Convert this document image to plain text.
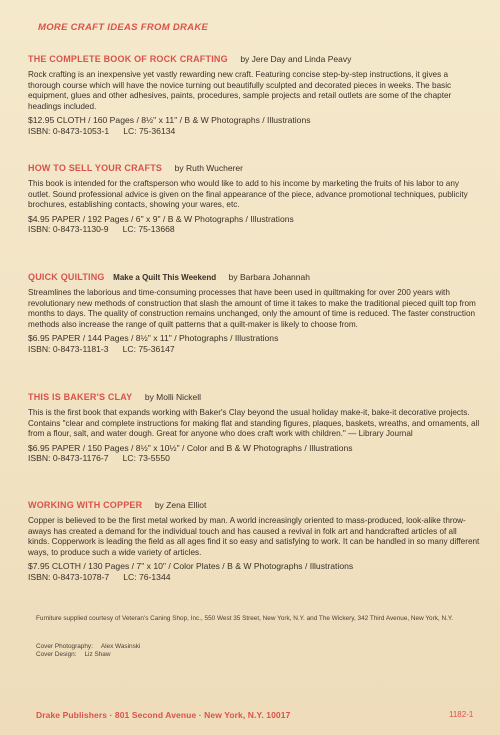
MORE CRAFT IDEAS FROM DRAKE
THE COMPLETE BOOK OF ROCK CRAFTING by Jere Day and Linda Peavy
Rock crafting is an inexpensive yet vastly rewarding new craft. Featuring concise step-by-step instructions, it gives a thorough course which will have the novice turning out beautifully sculpted and decorated pieces in weeks. The basic equipment, glues and other adhesives, paints, procedures, sample projects and retail outlets are some of the chapter headings included.
$12.95 CLOTH / 160 Pages / 8½" x 11" / B & W Photographs / Illustrations
ISBN: 0-8473-1053-1 LC: 75-36134
HOW TO SELL YOUR CRAFTS by Ruth Wucherer
This book is intended for the craftsperson who would like to add to his income by marketing the fruits of his labor to any outlet. Sound professional advice is given on the final appearance of the piece, advance promotional techniques, publicity brochures, establishing contacts, showing your wares, etc.
$4.95 PAPER / 192 Pages / 6" x 9" / B & W Photographs / Illustrations
ISBN: 0-8473-1130-9 LC: 75-13668
QUICK QUILTING Make a Quilt This Weekend by Barbara Johannah
Streamlines the laborious and time-consuming processes that have been used in quiltmaking for over 200 years with revolutionary new methods of construction that slash the amount of time it takes to make the traditional pieced quilt top from months to days. The quality of construction remains unchanged, only the amount of time is reduced. The faster construction methods also increase the range of quilt patterns that a quilt-maker is likely to choose from.
$6.95 PAPER / 144 Pages / 8½" x 11" / Photographs / Illustrations
ISBN: 0-8473-1181-3 LC: 75-36147
THIS IS BAKER'S CLAY by Molli Nickell
This is the first book that expands working with Baker's Clay beyond the usual holiday make-it, bake-it decorative projects. Contains "clear and complete instructions for making flat and standing figures, plaques, baskets, wreaths, and ornaments, all from a flour, salt, and water dough. Great for anyone who does craft work with children." — Library Journal
$6.95 PAPER / 150 Pages / 8½" x 10½" / Color and B & W Photographs / Illustrations
ISBN: 0-8473-1176-7 LC: 73-5550
WORKING WITH COPPER by Zena Elliot
Copper is believed to be the first metal worked by man. A world increasingly oriented to mass-produced, look-alike throw-aways has created a demand for the individual touch and has caused a revival in folk art and handcrafted articles of all kinds. Copperwork is leading the field as all ages find it so easy and satisfying to work. It can be handled in so many different ways, to produce such a wide variety of articles.
$7.95 CLOTH / 130 Pages / 7" x 10" / Color Plates / B & W Photographs / Illustrations
ISBN: 0-8473-1078-7 LC: 76-1344
Furniture supplied courtesy of Veteran's Caning Shop, Inc., 550 West 35 Street, New York, N.Y. and The Wickery, 342 Third Avenue, New York, N.Y.
Cover Photography: Alex Wasinski
Cover Design: Liz Shaw
Drake Publishers · 801 Second Avenue · New York, N.Y. 10017	1182-1
